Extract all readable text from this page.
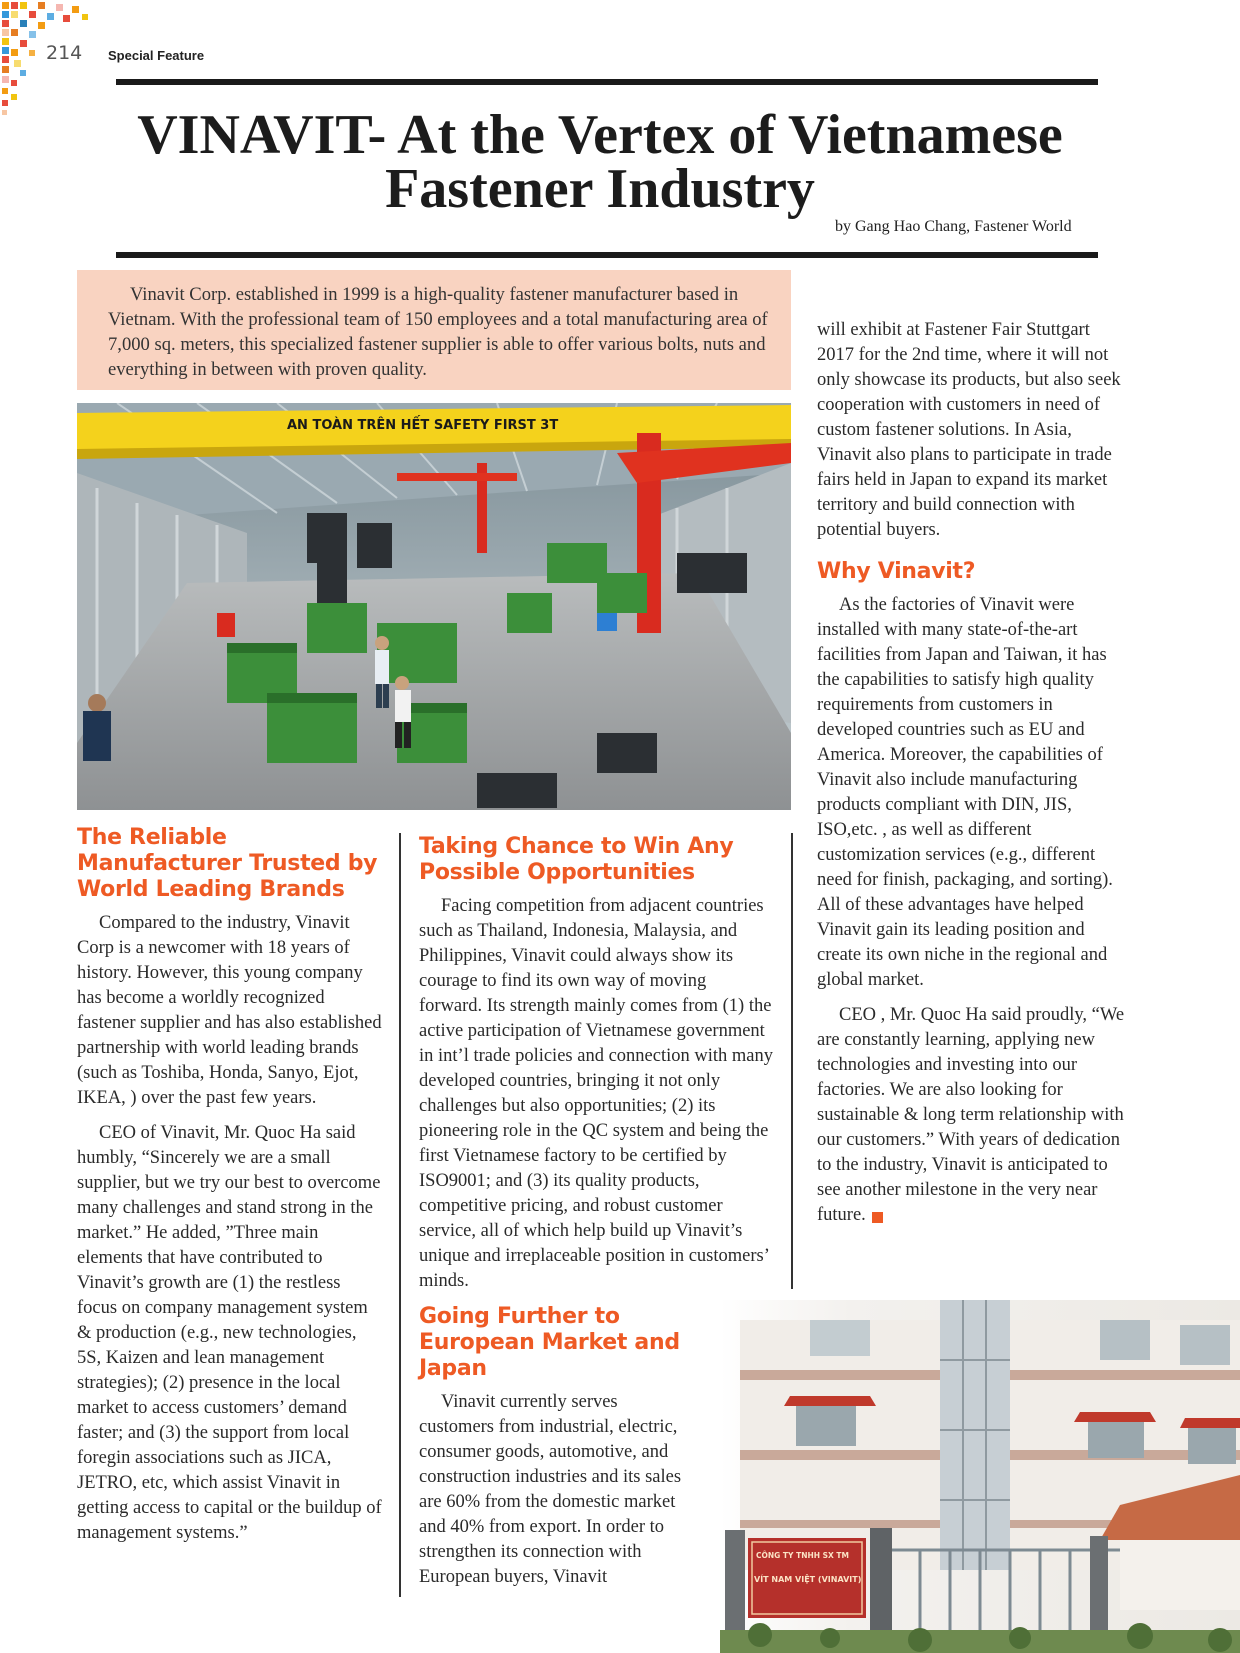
214 Special Feature
VINAVIT- At the Vertex of Vietnamese
Fastener Industry
by Gang Hao Chang, Fastener World

Vinavit Corp. established in 1999 is a high-quality fastener manufacturer based in Vietnam. With the professional team of 150 employees and a total manufacturing area of 7,000 sq. meters, this specialized fastener supplier is able to offer various bolts, nuts and everything in between with proven quality.

AN TOÀN TRÊN HẾT SAFETY FIRST 3T
The Reliable Manufacturer Trusted by World Leading Brands

Compared to the industry, Vinavit Corp is a newcomer with 18 years of history. However, this young company has become a worldly recognized fastener supplier and has also established partnership with world leading brands (such as Toshiba, Honda, Sanyo, Ejot, IKEA, ) over the past few years.

CEO of Vinavit, Mr. Quoc Ha said humbly, “Sincerely we are a small supplier, but we try our best to overcome many challenges and stand strong in the market.” He added, ”Three main elements that have contributed to Vinavit’s growth are (1) the restless focus on company management system & production (e.g., new technologies, 5S, Kaizen and lean management strategies); (2) presence in the local market to access customers’ demand faster; and (3) the support from local foregin associations such as JICA, JETRO, etc, which assist Vinavit in getting access to capital or the buildup of management systems.”

Taking Chance to Win Any Possible Opportunities

Facing competition from adjacent countries such as Thailand, Indonesia, Malaysia, and Philippines, Vinavit could always show its courage to find its own way of moving forward. Its strength mainly comes from (1) the active participation of Vietnamese government in int’l trade policies and connection with many developed countries, bringing it not only challenges but also opportunities; (2) its pioneering role in the QC system and being the first Vietnamese factory to be certified by ISO9001; and (3) its quality products, competitive pricing, and robust customer service, all of which help build up Vinavit’s unique and irreplaceable position in customers’ minds.

Going Further to European Market and Japan

Vinavit currently serves customers from industrial, electric, consumer goods, automotive, and construction industries and its sales are 60% from the domestic market and 40% from export. In order to strengthen its connection with European buyers, Vinavit

will exhibit at Fastener Fair Stuttgart 2017 for the 2nd time, where it will not only showcase its products, but also seek cooperation with customers in need of custom fastener solutions. In Asia, Vinavit also plans to participate in trade fairs held in Japan to expand its market territory and build connection with potential buyers.

Why Vinavit?

As the factories of Vinavit were installed with many state-of-the-art facilities from Japan and Taiwan, it has the capabilities to satisfy high quality requirements from customers in developed countries such as EU and America. Moreover, the capabilities of Vinavit also include manufacturing products compliant with DIN, JIS, ISO,etc. , as well as different customization services (e.g., different need for finish, packaging, and sorting). All of these advantages have helped Vinavit gain its leading position and create its own niche in the regional and global market.

CEO , Mr. Quoc Ha said proudly, “We are constantly learning, applying new technologies and investing into our factories. We are also looking for sustainable & long term relationship with our customers.” With years of dedication to the industry, Vinavit is anticipated to see another milestone in the very near future.

CÔNG TY TNHH SX TM
VÍT NAM VIỆT (VINAVIT)
